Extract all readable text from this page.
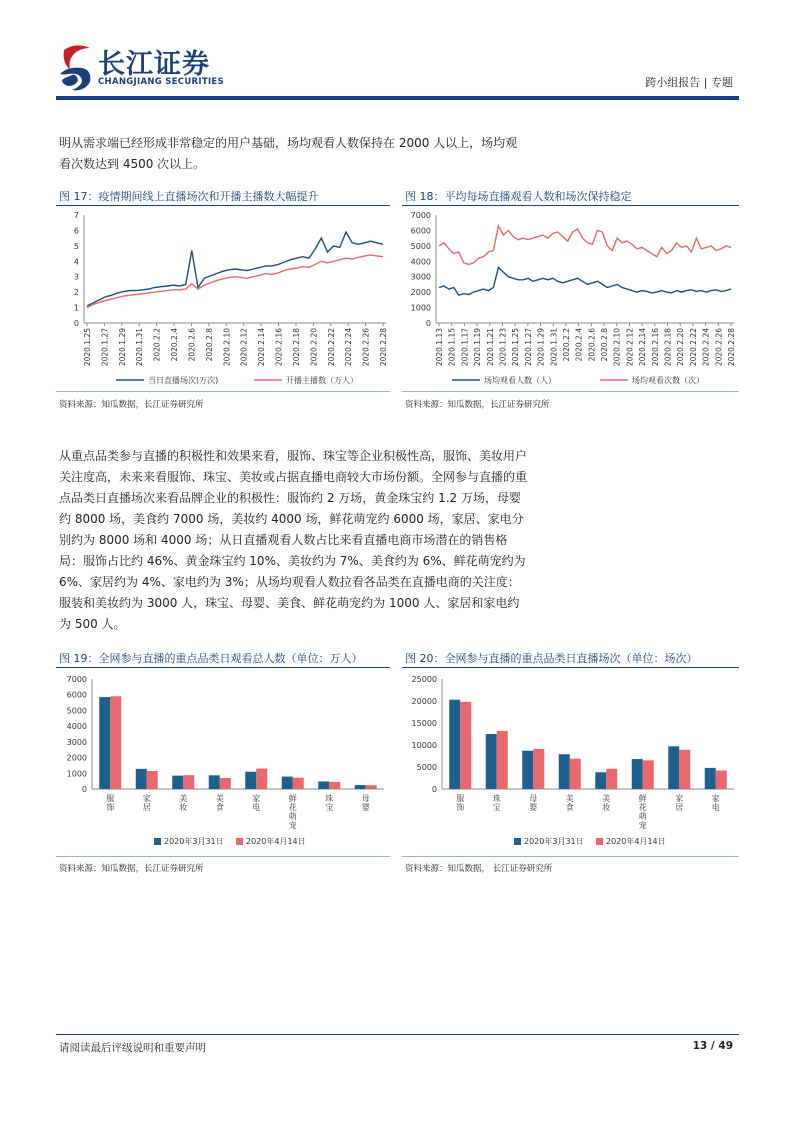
长江证券
CHANGJIANG SECURITIES	跨小组报告 | 专题
明从需求端已经形成非常稳定的用户基础，场均观看人数保持在 2000 人以上，场均观看次数达到 4500 次以上。
图 17：疫情期间线上直播场次和开播主播数大幅提升
0
1
2
3
4
5
6
7
2020.1.25 2020.1.27 2020.1.29 2020.1.31 2020.2.2 2020.2.4 2020.2.6 2020.2.8 2020.2.10 2020.2.12 2020.2.14 2020.2.16 2020.2.18 2020.2.20 2020.2.22 2020.2.24 2020.2.26 2020.2.28
当日直播场次(万次)	开播主播数（万人）
资料来源：知瓜数据，长江证券研究所
图 18：平均每场直播观看人数和场次保持稳定
0
1000
2000
3000
4000
5000
6000
7000
2020.1.13 2020.1.15 2020.1.17 2020.1.19 2020.1.21 2020.1.23 2020.1.25 2020.1.27 2020.1.29 2020.1.31 2020.2.2 2020.2.4 2020.2.6 2020.2.8 2020.2.10 2020.2.12 2020.2.14 2020.2.16 2020.2.18 2020.2.20 2020.2.22 2020.2.24 2020.2.26 2020.2.28
场均观看人数（人）	场均观看次数（次）
资料来源：知瓜数据，长江证券研究所
从重点品类参与直播的积极性和效果来看，服饰、珠宝等企业积极性高，服饰、美妆用户关注度高，未来来看服饰、珠宝、美妆或占据直播电商较大市场份额。全网参与直播的重点品类日直播场次来看品牌企业的积极性：服饰约 2 万场，黄金珠宝约 1.2 万场，母婴约 8000 场，美食约 7000 场，美妆约 4000 场，鲜花萌宠约 6000 场，家居、家电分别约为 8000 场和 4000 场；从日直播观看人数占比来看直播电商市场潜在的销售格局：服饰占比约 46%、黄金珠宝约 10%、美妆约为 7%、美食约为 6%、鲜花萌宠约为 6%、家居约为 4%、家电约为 3%；从场均观看人数拉看各品类在直播电商的关注度：服装和美妆约为 3000 人，珠宝、母婴、美食、鲜花萌宠约为 1000 人、家居和家电约为 500 人。
图 19：全网参与直播的重点品类日观看总人数（单位：万人）
0
1000
2000
3000
4000
5000
6000
7000
服
饰
家
居
美
妆
美
食
家
电
鲜
花
萌
宠
珠
宝
母
婴
2020年3月31日	2020年4月14日
资料来源：知瓜数据，长江证券研究所
图 20：全网参与直播的重点品类日直播场次（单位：场次）
0
5000
10000
15000
20000
25000
服
饰
珠
宝
母
婴
美
食
美
妆
鲜
花
萌
宠
家
居
家
电
2020年3月31日	2020年4月14日
资料来源：知瓜数据， 长江证券研究所
请阅读最后评级说明和重要声明	13 / 49
